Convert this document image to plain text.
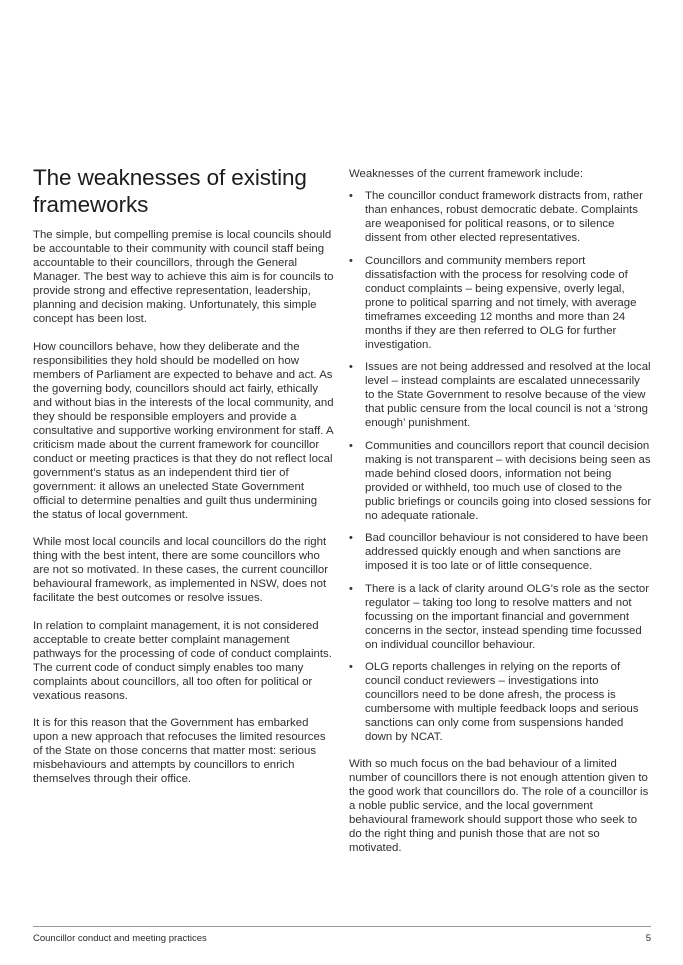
The weaknesses of existing frameworks

The simple, but compelling premise is local councils should be accountable to their community with council staff being accountable to their councillors, through the General Manager. The best way to achieve this aim is for councils to provide strong and effective representation, leadership, planning and decision making. Unfortunately, this simple concept has been lost.

How councillors behave, how they deliberate and the responsibilities they hold should be modelled on how members of Parliament are expected to behave and act. As the governing body, councillors should act fairly, ethically and without bias in the interests of the local community, and they should be responsible employers and provide a consultative and supportive working environment for staff. A criticism made about the current framework for councillor conduct or meeting practices is that they do not reflect local government’s status as an independent third tier of government: it allows an unelected State Government official to determine penalties and guilt thus undermining the status of local government.

While most local councils and local councillors do the right thing with the best intent, there are some councillors who are not so motivated. In these cases, the current councillor behavioural framework, as implemented in NSW, does not facilitate the best outcomes or resolve issues.

In relation to complaint management, it is not considered acceptable to create better complaint management pathways for the processing of code of conduct complaints. The current code of conduct simply enables too many complaints about councillors, all too often for political or vexatious reasons.

It is for this reason that the Government has embarked upon a new approach that refocuses the limited resources of the State on those concerns that matter most: serious misbehaviours and attempts by councillors to enrich themselves through their office.

Weaknesses of the current framework include:

• The councillor conduct framework distracts from, rather than enhances, robust democratic debate. Complaints are weaponised for political reasons, or to silence dissent from other elected representatives.
• Councillors and community members report dissatisfaction with the process for resolving code of conduct complaints – being expensive, overly legal, prone to political sparring and not timely, with average timeframes exceeding 12 months and more than 24 months if they are then referred to OLG for further investigation.
• Issues are not being addressed and resolved at the local level – instead complaints are escalated unnecessarily to the State Government to resolve because of the view that public censure from the local council is not a ‘strong enough’ punishment.
• Communities and councillors report that council decision making is not transparent – with decisions being seen as made behind closed doors, information not being provided or withheld, too much use of closed to the public briefings or councils going into closed sessions for no adequate rationale.
• Bad councillor behaviour is not considered to have been addressed quickly enough and when sanctions are imposed it is too late or of little consequence.
• There is a lack of clarity around OLG’s role as the sector regulator – taking too long to resolve matters and not focussing on the important financial and government concerns in the sector, instead spending time focussed on individual councillor behaviour.
• OLG reports challenges in relying on the reports of council conduct reviewers – investigations into councillors need to be done afresh, the process is cumbersome with multiple feedback loops and serious sanctions can only come from suspensions handed down by NCAT.

With so much focus on the bad behaviour of a limited number of councillors there is not enough attention given to the good work that councillors do. The role of a councillor is a noble public service, and the local government behavioural framework should support those who seek to do the right thing and punish those that are not so motivated.

Councillor conduct and meeting practices	5
